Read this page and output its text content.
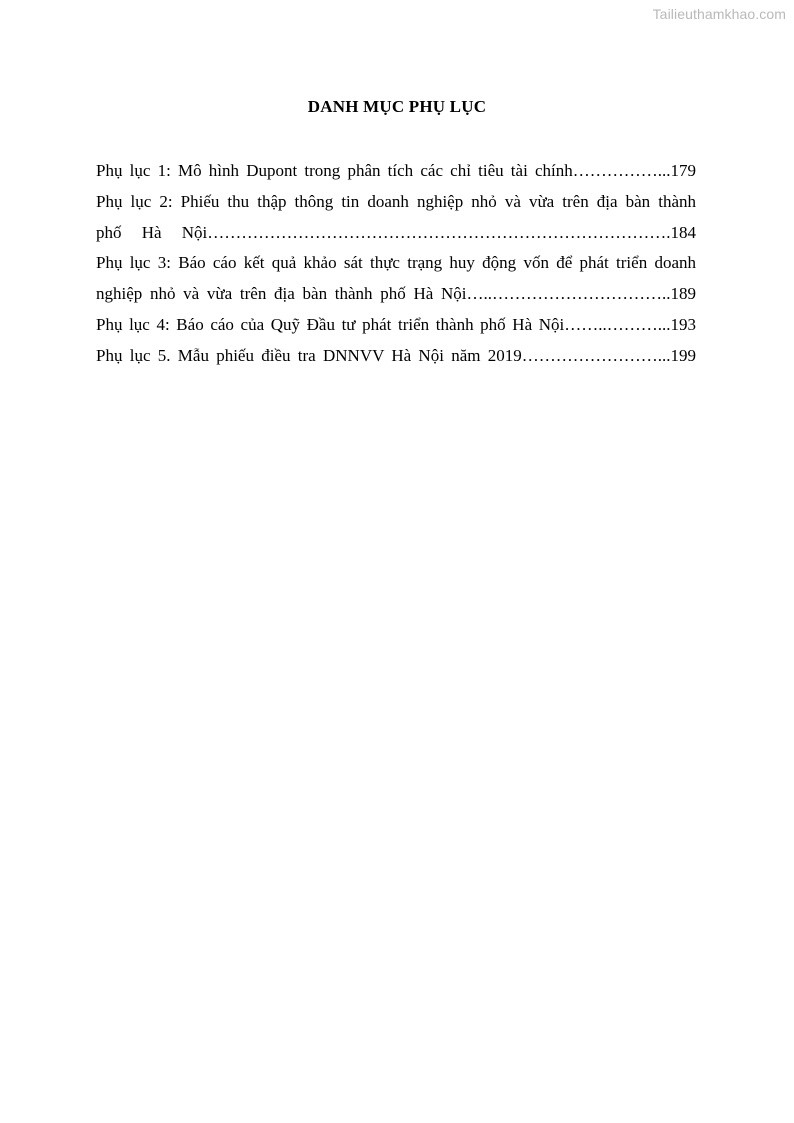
Tailieuthamkhao.com
DANH MỤC PHỤ LỤC
Phụ lục 1: Mô hình Dupont trong phân tích các chỉ tiêu tài chính……………...179
Phụ lục 2: Phiếu thu thập thông tin doanh nghiệp nhỏ và vừa trên địa bàn thành
phố Hà Nội……………………………………………………………………….184
Phụ lục 3: Báo cáo kết quả khảo sát thực trạng huy động vốn để phát triển doanh
nghiệp nhỏ và vừa trên địa bàn thành phố Hà Nội…..…………………………..189
Phụ lục 4: Báo cáo của Quỹ Đầu tư phát triển thành phố Hà Nội……..………...193
Phụ lục 5. Mẫu phiếu điều tra DNNVV Hà Nội năm 2019……………………...199
